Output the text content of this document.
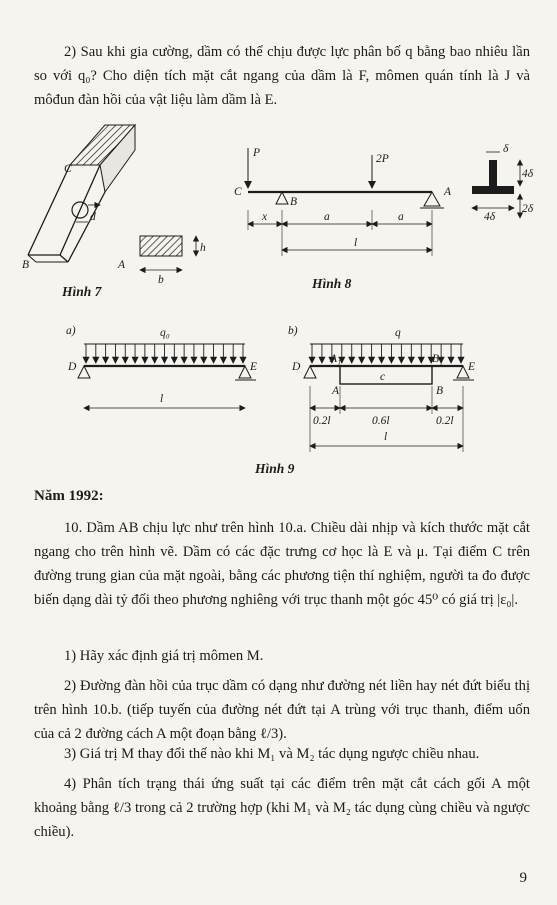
2) Sau khi gia cường, dầm có thể chịu được lực phân bố q bằng bao nhiêu lần so với q₀? Cho diện tích mặt cắt ngang của dầm là F, mômen quán tính là J và môđun đàn hồi của vật liệu làm dầm là E.

C
B	A
d
b
h
Hình 7
P	2P
C
B
A
x	a	a
l
δ
4δ
2δ
4δ
Hình 8
a)	q₀
D	E
l
b)	q
D	E
A₁
A
B₁
B
c
0.2l	0.6l	0.2l
l
Hình 9

Năm 1992:

10. Dầm AB chịu lực như trên hình 10.a. Chiều dài nhịp và kích thước mặt cắt ngang cho trên hình vẽ. Dầm có các đặc trưng cơ học là E và μ. Tại điểm C trên đường trung gian của mặt ngoài, bằng các phương tiện thí nghiệm, người ta đo được biến dạng dài tỷ đối theo phương nghiêng với trục thanh một góc 45⁰ có giá trị |ε₀|.

1) Hãy xác định giá trị mômen M.

2) Đường đàn hồi của trục dầm có dạng như đường nét liền hay nét đứt biểu thị trên hình 10.b. (tiếp tuyến của đường nét đứt tại A trùng với trục thanh, điểm uốn của cả 2 đường cách A một đoạn bằng ℓ/3).

3) Giá trị M thay đổi thế nào khi M₁ và M₂ tác dụng ngược chiều nhau.

4) Phân tích trạng thái ứng suất tại các điểm trên mặt cắt cách gối A một khoảng bằng ℓ/3 trong cả 2 trường hợp (khi M₁ và M₂ tác dụng cùng chiều và ngược chiều).

9
